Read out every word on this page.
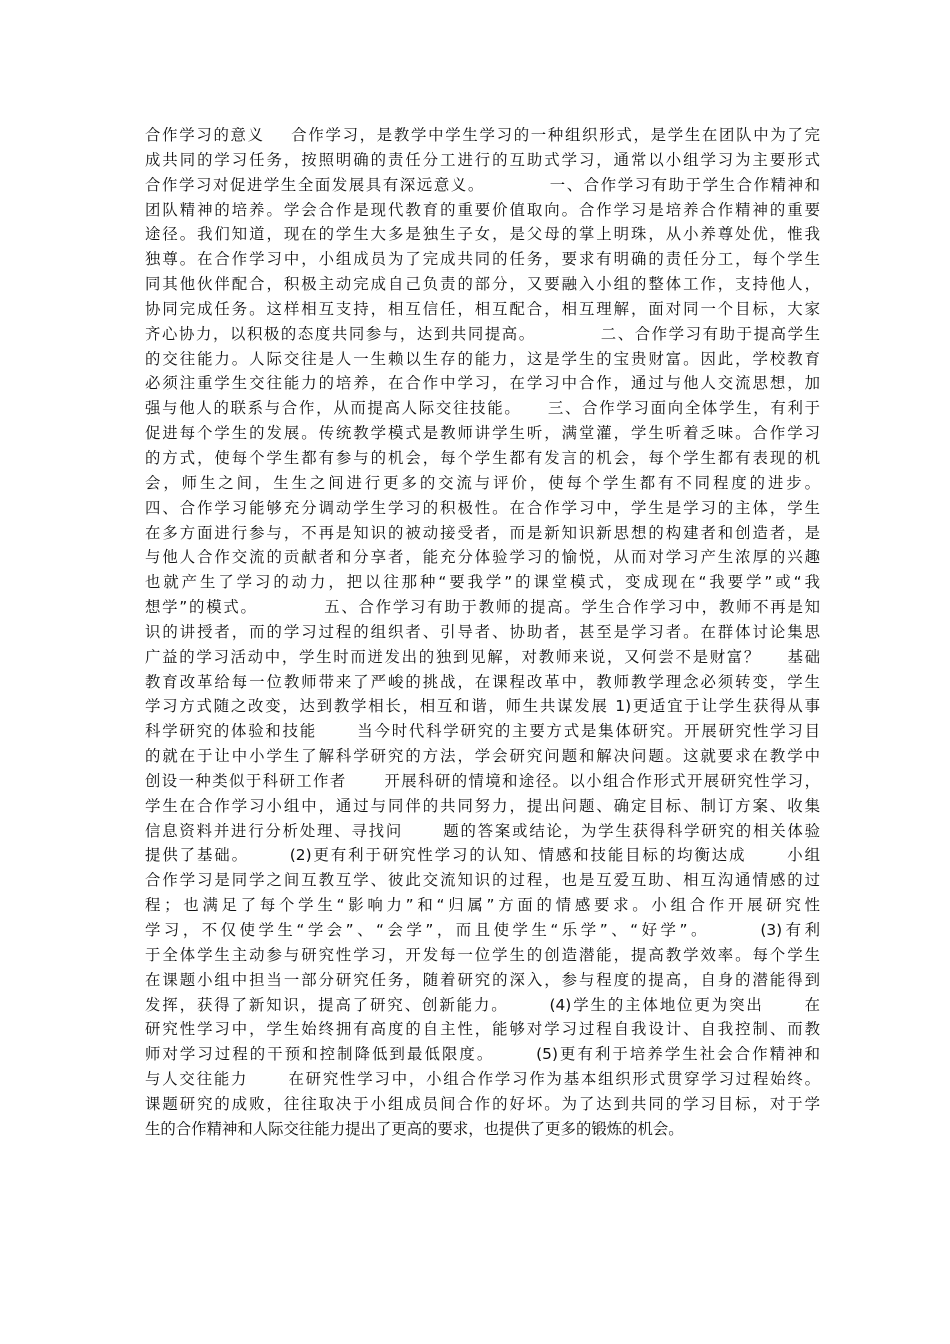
合作学习的意义    合作学习，是教学中学生学习的一种组织形式，是学生在团队中为了完
成共同的学习任务，按照明确的责任分工进行的互助式学习，通常以小组学习为主要形式
合作学习对促进学生全面发展具有深远意义。          一、合作学习有助于学生合作精神和
团队精神的培养。学会合作是现代教育的重要价值取向。合作学习是培养合作精神的重要
途径。我们知道，现在的学生大多是独生子女，是父母的掌上明珠，从小养尊处优，惟我
独尊。在合作学习中，小组成员为了完成共同的任务，要求有明确的责任分工，每个学生
同其他伙伴配合，积极主动完成自己负责的部分，又要融入小组的整体工作，支持他人，
协同完成任务。这样相互支持，相互信任，相互配合，相互理解，面对同一个目标，大家
齐心协力，以积极的态度共同参与，达到共同提高。          二、合作学习有助于提高学生
的交往能力。人际交往是人一生赖以生存的能力，这是学生的宝贵财富。因此，学校教育
必须注重学生交往能力的培养，在合作中学习，在学习中合作，通过与他人交流思想，加
强与他人的联系与合作，从而提高人际交往技能。    三、合作学习面向全体学生，有利于
促进每个学生的发展。传统教学模式是教师讲学生听，满堂灌，学生听着乏味。合作学习
的方式，使每个学生都有参与的机会，每个学生都有发言的机会，每个学生都有表现的机
会，师生之间，生生之间进行更多的交流与评价，使每个学生都有不同程度的进步。
四、合作学习能够充分调动学生学习的积极性。在合作学习中，学生是学习的主体，学生
在多方面进行参与，不再是知识的被动接受者，而是新知识新思想的构建者和创造者，是
与他人合作交流的贡献者和分享者，能充分体验学习的愉悦，从而对学习产生浓厚的兴趣
也就产生了学习的动力，把以往那种“要我学”的课堂模式，变成现在“我要学”或“我
想学”的模式。          五、合作学习有助于教师的提高。学生合作学习中，教师不再是知
识的讲授者，而的学习过程的组织者、引导者、协助者，甚至是学习者。在群体讨论集思
广益的学习活动中，学生时而迸发出的独到见解，对教师来说，又何尝不是财富？    基础
教育改革给每一位教师带来了严峻的挑战，在课程改革中，教师教学理念必须转变，学生
学习方式随之改变，达到教学相长，相互和谐，师生共谋发展 1)更适宜于让学生获得从事
科学研究的体验和技能      当今时代科学研究的主要方式是集体研究。开展研究性学习目
的就在于让中小学生了解科学研究的方法，学会研究问题和解决问题。这就要求在教学中
创设一种类似于科研工作者      开展科研的情境和途径。以小组合作形式开展研究性学习，
学生在合作学习小组中，通过与同伴的共同努力，提出问题、确定目标、制订方案、收集
信息资料并进行分析处理、寻找问      题的答案或结论，为学生获得科学研究的相关体验
提供了基础。      (2)更有利于研究性学习的认知、情感和技能目标的均衡达成      小组
合作学习是同学之间互教互学、彼此交流知识的过程，也是互爱互助、相互沟通情感的过
程；也满足了每个学生“影响力”和“归属”方面的情感要求。小组合作开展研究性
学习，不仅使学生“学会”、“会学”，而且使学生“乐学”、“好学”。      (3)有利
于全体学生主动参与研究性学习，开发每一位学生的创造潜能，提高教学效率。每个学生
在课题小组中担当一部分研究任务，随着研究的深入，参与程度的提高，自身的潜能得到
发挥，获得了新知识，提高了研究、创新能力。      (4)学生的主体地位更为突出      在
研究性学习中，学生始终拥有高度的自主性，能够对学习过程自我设计、自我控制、而教
师对学习过程的干预和控制降低到最低限度。      (5)更有利于培养学生社会合作精神和
与人交往能力      在研究性学习中，小组合作学习作为基本组织形式贯穿学习过程始终。
课题研究的成败，往往取决于小组成员间合作的好坏。为了达到共同的学习目标，对于学
生的合作精神和人际交往能力提出了更高的要求，也提供了更多的锻炼的机会。
